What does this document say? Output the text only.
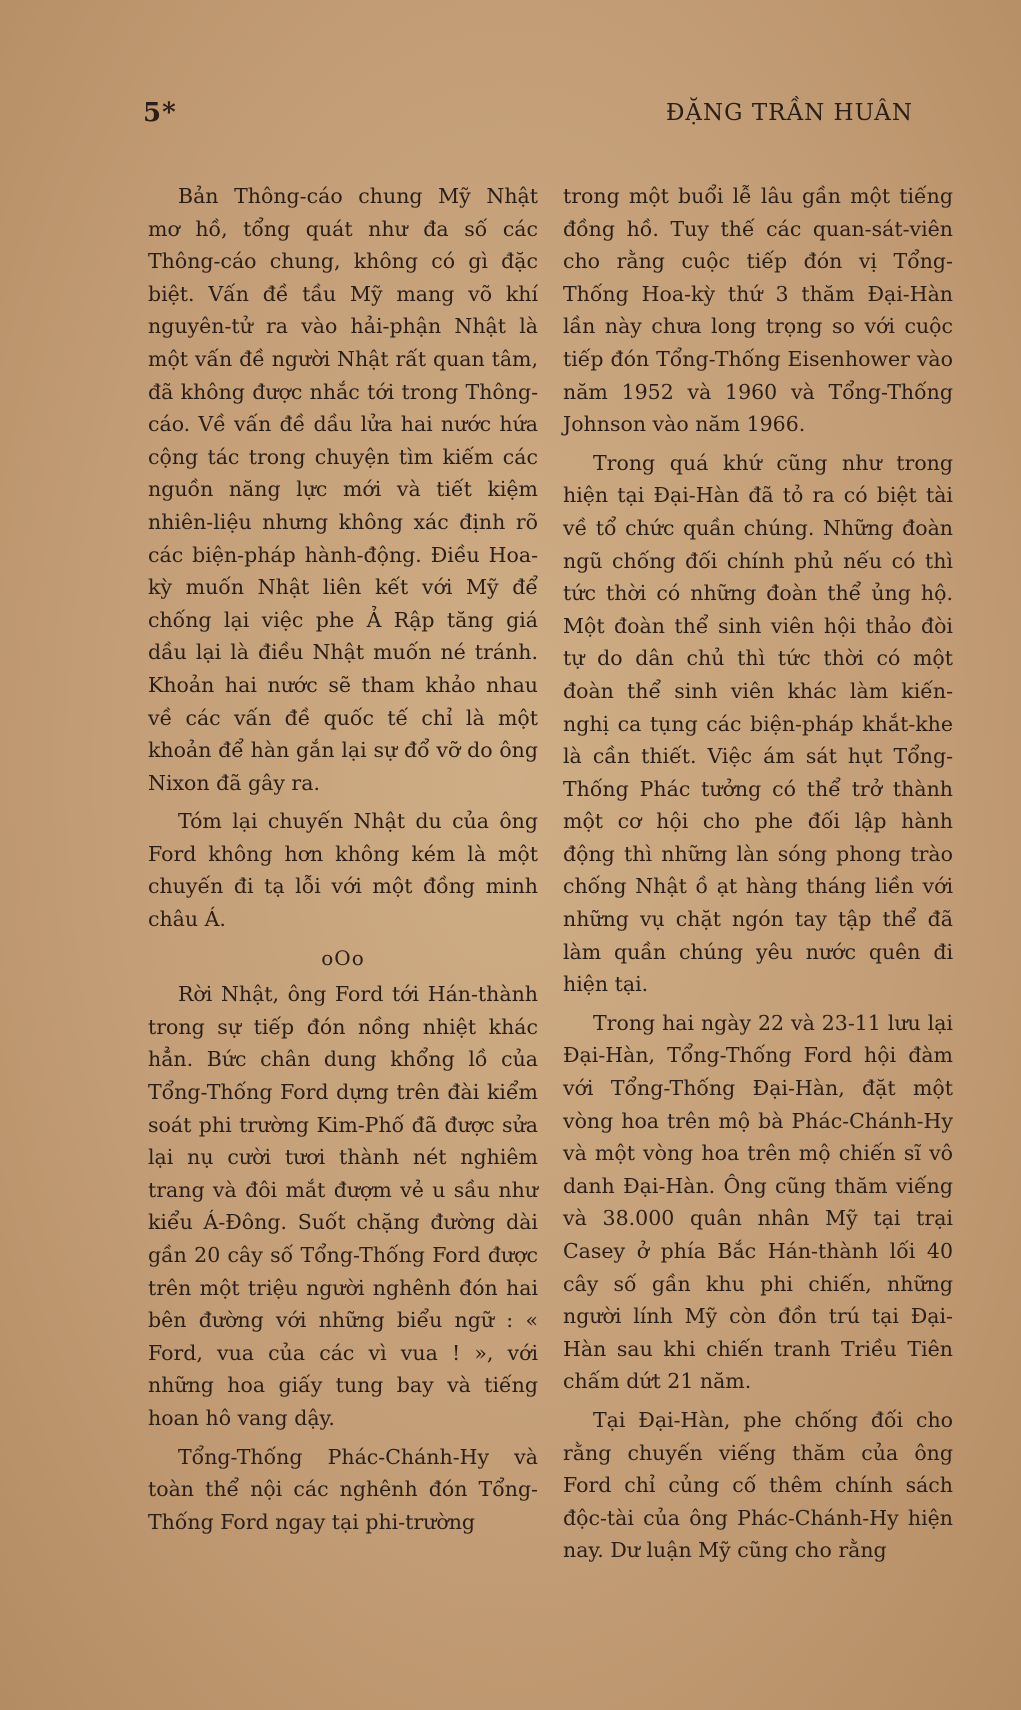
5*	ĐẶNG TRẦN HUÂN

Bản Thông-cáo chung Mỹ Nhật mơ hồ, tổng quát như đa số các Thông-cáo chung, không có gì đặc biệt. Vấn đề tầu Mỹ mang võ khí nguyên-tử ra vào hải-phận Nhật là một vấn đề người Nhật rất quan tâm, đã không được nhắc tới trong Thông-cáo. Về vấn đề dầu lửa hai nước hứa cộng tác trong chuyện tìm kiếm các nguồn năng lực mới và tiết kiệm nhiên-liệu nhưng không xác định rõ các biện-pháp hành-động. Điều Hoa-kỳ muốn Nhật liên kết với Mỹ để chống lại việc phe Ả Rập tăng giá dầu lại là điều Nhật muốn né tránh. Khoản hai nước sẽ tham khảo nhau về các vấn đề quốc tế chỉ là một khoản để hàn gắn lại sự đổ vỡ do ông Nixon đã gây ra.

Tóm lại chuyến Nhật du của ông Ford không hơn không kém là một chuyến đi tạ lỗi với một đồng minh châu Á.

oOo

Rời Nhật, ông Ford tới Hán-thành trong sự tiếp đón nồng nhiệt khác hẳn. Bức chân dung khổng lồ của Tổng-Thống Ford dựng trên đài kiểm soát phi trường Kim-Phố đã được sửa lại nụ cười tươi thành nét nghiêm trang và đôi mắt đượm vẻ u sầu như kiểu Á-Đông. Suốt chặng đường dài gần 20 cây số Tổng-Thống Ford được trên một triệu người nghênh đón hai bên đường với những biểu ngữ : « Ford, vua của các vì vua ! », với những hoa giấy tung bay và tiếng hoan hô vang dậy.

Tổng-Thống Phác-Chánh-Hy và toàn thể nội các nghênh đón Tổng-Thống Ford ngay tại phi-trường

trong một buổi lễ lâu gần một tiếng đồng hồ. Tuy thế các quan-sát-viên cho rằng cuộc tiếp đón vị Tổng-Thống Hoa-kỳ thứ 3 thăm Đại-Hàn lần này chưa long trọng so với cuộc tiếp đón Tổng-Thống Eisenhower vào năm 1952 và 1960 và Tổng-Thống Johnson vào năm 1966.

Trong quá khứ cũng như trong hiện tại Đại-Hàn đã tỏ ra có biệt tài về tổ chức quần chúng. Những đoàn ngũ chống đối chính phủ nếu có thì tức thời có những đoàn thể ủng hộ. Một đoàn thể sinh viên hội thảo đòi tự do dân chủ thì tức thời có một đoàn thể sinh viên khác làm kiến-nghị ca tụng các biện-pháp khắt-khe là cần thiết. Việc ám sát hụt Tổng-Thống Phác tưởng có thể trở thành một cơ hội cho phe đối lập hành động thì những làn sóng phong trào chống Nhật ồ ạt hàng tháng liền với những vụ chặt ngón tay tập thể đã làm quần chúng yêu nước quên đi hiện tại.

Trong hai ngày 22 và 23-11 lưu lại Đại-Hàn, Tổng-Thống Ford hội đàm với Tổng-Thống Đại-Hàn, đặt một vòng hoa trên mộ bà Phác-Chánh-Hy và một vòng hoa trên mộ chiến sĩ vô danh Đại-Hàn. Ông cũng thăm viếng và 38.000 quân nhân Mỹ tại trại Casey ở phía Bắc Hán-thành lối 40 cây số gần khu phi chiến, những người lính Mỹ còn đồn trú tại Đại-Hàn sau khi chiến tranh Triều Tiên chấm dứt 21 năm.

Tại Đại-Hàn, phe chống đối cho rằng chuyến viếng thăm của ông Ford chỉ củng cố thêm chính sách độc-tài của ông Phác-Chánh-Hy hiện nay. Dư luận Mỹ cũng cho rằng
